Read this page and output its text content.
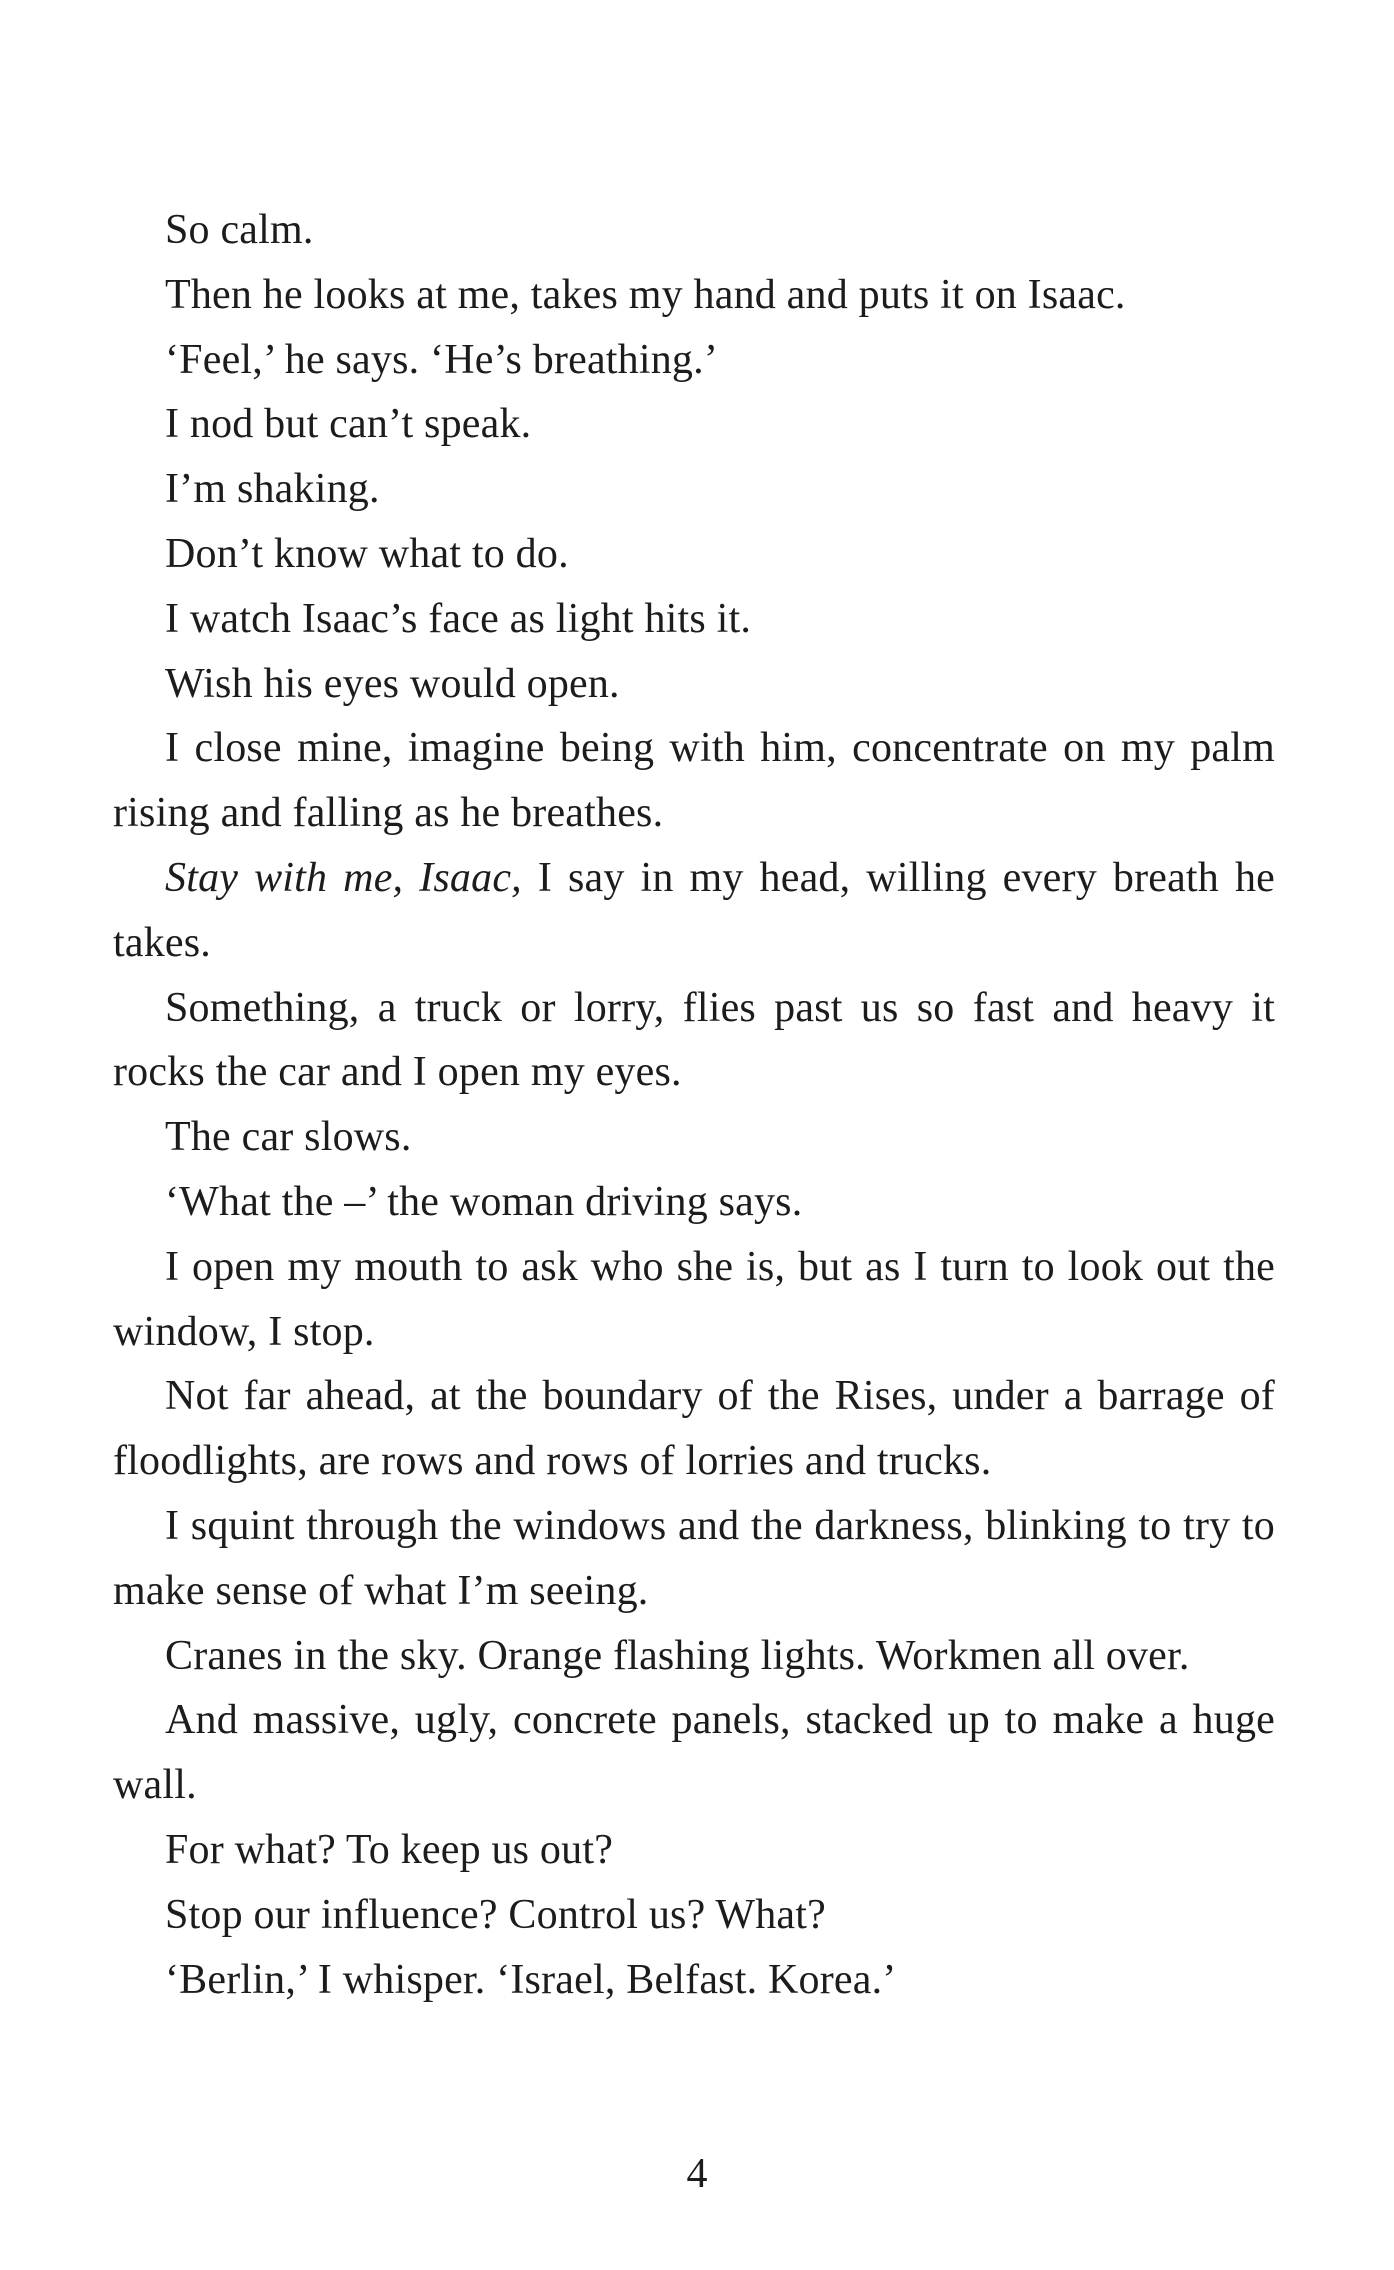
So calm.

Then he looks at me, takes my hand and puts it on Isaac.

‘Feel,’ he says. ‘He’s breathing.’

I nod but can’t speak.

I’m shaking.

Don’t know what to do.

I watch Isaac’s face as light hits it.

Wish his eyes would open.

I close mine, imagine being with him, concentrate on my palm rising and falling as he breathes.

Stay with me, Isaac, I say in my head, willing every breath he takes.

Something, a truck or lorry, flies past us so fast and heavy it rocks the car and I open my eyes.

The car slows.

‘What the –’ the woman driving says.

I open my mouth to ask who she is, but as I turn to look out the window, I stop.

Not far ahead, at the boundary of the Rises, under a barrage of floodlights, are rows and rows of lorries and trucks.

I squint through the windows and the darkness, blinking to try to make sense of what I’m seeing.

Cranes in the sky. Orange flashing lights. Workmen all over.

And massive, ugly, concrete panels, stacked up to make a huge wall.

For what? To keep us out?

Stop our influence? Control us? What?

‘Berlin,’ I whisper. ‘Israel, Belfast. Korea.’

4
